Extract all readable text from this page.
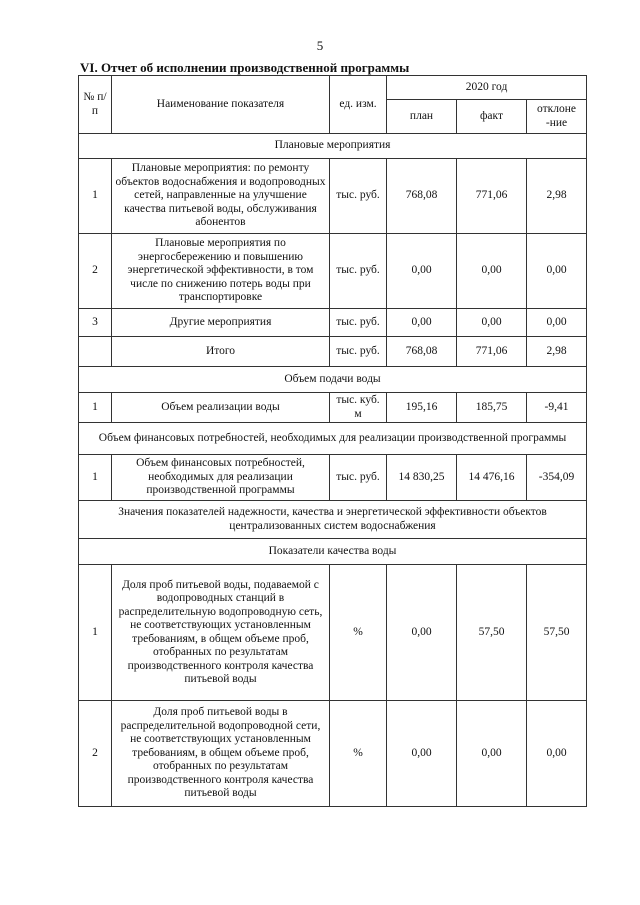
5
VI. Отчет об исполнении производственной программы
№ п/п	Наименование показателя	ед. изм.	2020 год		
			план	факт	отклоне -ние
Плановые мероприятия					
1	Плановые мероприятия: по ремонту объектов водоснабжения и водопроводных сетей, направленные на улучшение качества питьевой воды, обслуживания абонентов	тыс. руб.	768,08	771,06	2,98
2	Плановые мероприятия по энергосбережению и повышению энергетической эффективности, в том числе по снижению потерь воды при транспортировке	тыс. руб.	0,00	0,00	0,00
3	Другие мероприятия	тыс. руб.	0,00	0,00	0,00
	Итого	тыс. руб.	768,08	771,06	2,98
Объем подачи воды					
1	Объем реализации воды	тыс. куб. м	195,16	185,75	-9,41
Объем финансовых потребностей, необходимых для реализации производственной программы					
1	Объем финансовых потребностей, необходимых для реализации производственной программы	тыс. руб.	14 830,25	14 476,16	-354,09
Значения показателей надежности, качества и энергетической эффективности объектов централизованных систем водоснабжения					
Показатели качества воды					
1	Доля проб питьевой воды, подаваемой с водопроводных станций в распределительную водопроводную сеть, не соответствующих установленным требованиям, в общем объеме проб, отобранных по результатам производственного контроля качества питьевой воды	%	0,00	57,50	57,50
2	Доля проб питьевой воды в распределительной водопроводной сети, не соответствующих установленным требованиям, в общем объеме проб, отобранных по результатам производственного контроля качества питьевой воды	%	0,00	0,00	0,00
